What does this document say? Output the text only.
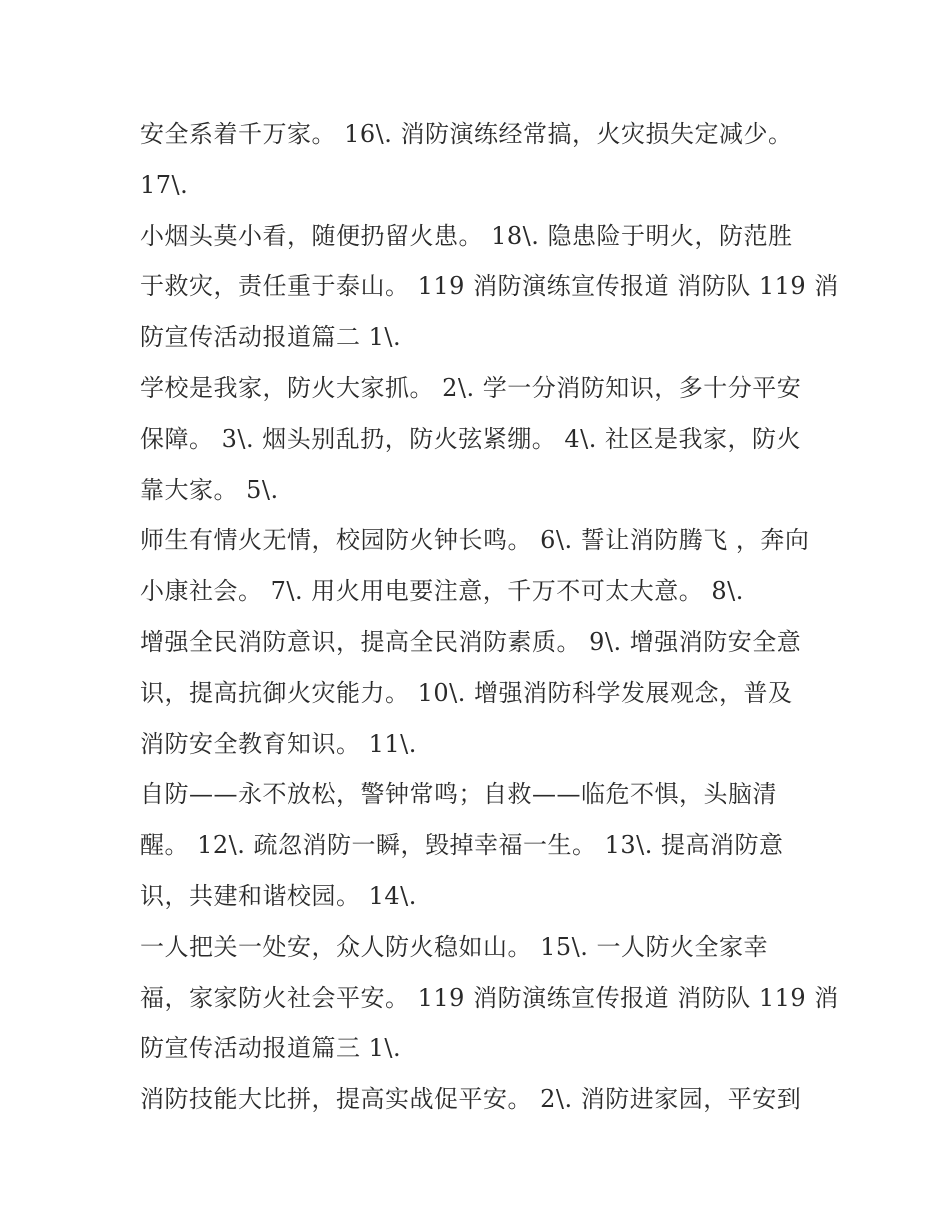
安全系着千万家。 16\. 消防演练经常搞，火灾损失定减少。
17\.
小烟头莫小看，随便扔留火患。 18\. 隐患险于明火，防范胜
于救灾，责任重于泰山。 119 消防演练宣传报道 消防队 119 消
防宣传活动报道篇二 1\.
学校是我家，防火大家抓。 2\. 学一分消防知识，多十分平安
保障。 3\. 烟头别乱扔，防火弦紧绷。 4\. 社区是我家，防火
靠大家。 5\.
师生有情火无情，校园防火钟长鸣。 6\. 誓让消防腾飞 ，奔向
小康社会。 7\. 用火用电要注意，千万不可太大意。 8\.
增强全民消防意识，提高全民消防素质。 9\. 增强消防安全意
识，提高抗御火灾能力。 10\. 增强消防科学发展观念，普及
消防安全教育知识。 11\.
自防——永不放松，警钟常鸣；自救——临危不惧，头脑清
醒。 12\. 疏忽消防一瞬，毁掉幸福一生。 13\. 提高消防意
识，共建和谐校园。 14\.
一人把关一处安，众人防火稳如山。 15\. 一人防火全家幸
福，家家防火社会平安。 119 消防演练宣传报道 消防队 119 消
防宣传活动报道篇三 1\.
消防技能大比拼，提高实战促平安。 2\. 消防进家园，平安到
